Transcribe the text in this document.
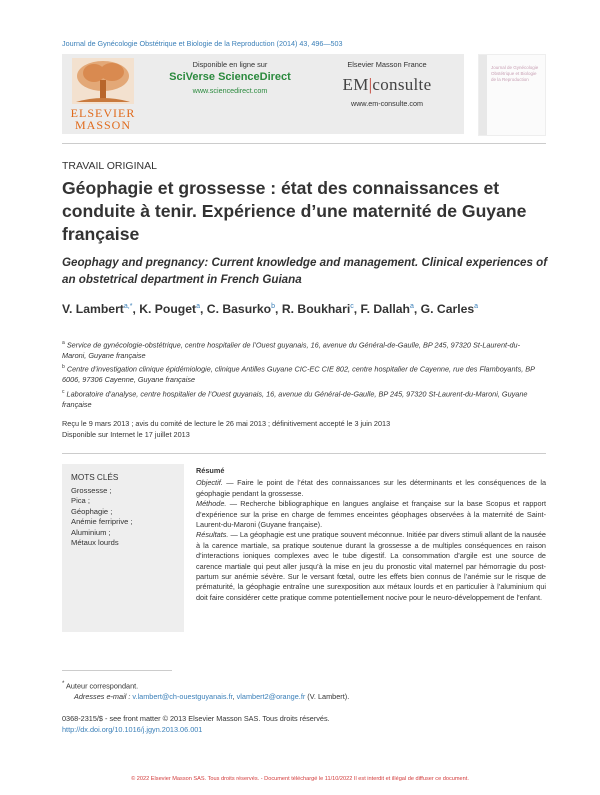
Journal de Gynécologie Obstétrique et Biologie de la Reproduction (2014) 43, 496—503
ELSEVIER
MASSON
Disponible en ligne sur
SciVerse ScienceDirect
www.sciencedirect.com
Elsevier Masson France
EM|consulte
www.em-consulte.com
Journal de Gynécologie Obstétrique et Biologie de la Reproduction
TRAVAIL ORIGINAL
Géophagie et grossesse : état des connaissances et conduite à tenir. Expérience d’une maternité de Guyane française
Geophagy and pregnancy: Current knowledge and management. Clinical experiences of an obstetrical department in French Guiana
V. Lambert$^{a,*}$, K. Pouget$^a$, C. Basurko$^b$, R. Boukhari$^c$, F. Dallah$^a$, G. Carles$^a$
$^a$ Service de gynécologie-obstétrique, centre hospitalier de l’Ouest guyanais, 16, avenue du Général-de-Gaulle, BP 245, 97320 St-Laurent-du-Maroni, Guyane française
$^b$ Centre d’investigation clinique épidémiologie, clinique Antilles Guyane CIC-EC CIE 802, centre hospitalier de Cayenne, rue des Flamboyants, BP 6006, 97306 Cayenne, Guyane française
$^c$ Laboratoire d’analyse, centre hospitalier de l’Ouest guyanais, 16, avenue du Général-de-Gaulle, BP 245, 97320 St-Laurent-du-Maroni, Guyane française
Reçu le 9 mars 2013 ; avis du comité de lecture le 26 mai 2013 ; définitivement accepté le 3 juin 2013
Disponible sur Internet le 17 juillet 2013
MOTS CLÉS
Grossesse ;
Pica ;
Géophagie ;
Anémie ferriprive ;
Aluminium ;
Métaux lourds
Résumé

Objectif. — Faire le point de l’état des connaissances sur les déterminants et les conséquences de la géophagie pendant la grossesse.

Méthode. — Recherche bibliographique en langues anglaise et française sur la base Scopus et rapport d’expérience sur la prise en charge de femmes enceintes géophages observées à la maternité de Saint-Laurent-du-Maroni (Guyane française).

Résultats. — La géophagie est une pratique souvent méconnue. Initiée par divers stimuli allant de la nausée à la carence martiale, sa pratique soutenue durant la grossesse a de multiples conséquences en raison d’interactions ioniques complexes avec le tube digestif. La consommation d’argile est une source de carence martiale qui peut aller jusqu’à la mise en jeu du pronostic vital maternel par hémorragie du post-partum sur anémie sévère. Sur le versant fœtal, outre les effets bien connus de l’anémie sur le risque de prématurité, la géophagie entraîne une surexposition aux métaux lourds et en particulier à l’aluminium qui doit faire considérer cette pratique comme potentiellement nocive pour le neuro-développement de l’enfant.

* Auteur correspondant.
Adresses e-mail : v.lambert@ch-ouestguyanais.fr, vlambert2@orange.fr (V. Lambert).
0368-2315/$ - see front matter © 2013 Elsevier Masson SAS. Tous droits réservés.
http://dx.doi.org/10.1016/j.jgyn.2013.06.001
© 2022 Elsevier Masson SAS. Tous droits réservés. - Document téléchargé le 11/10/2022 Il est interdit et illégal de diffuser ce document.
